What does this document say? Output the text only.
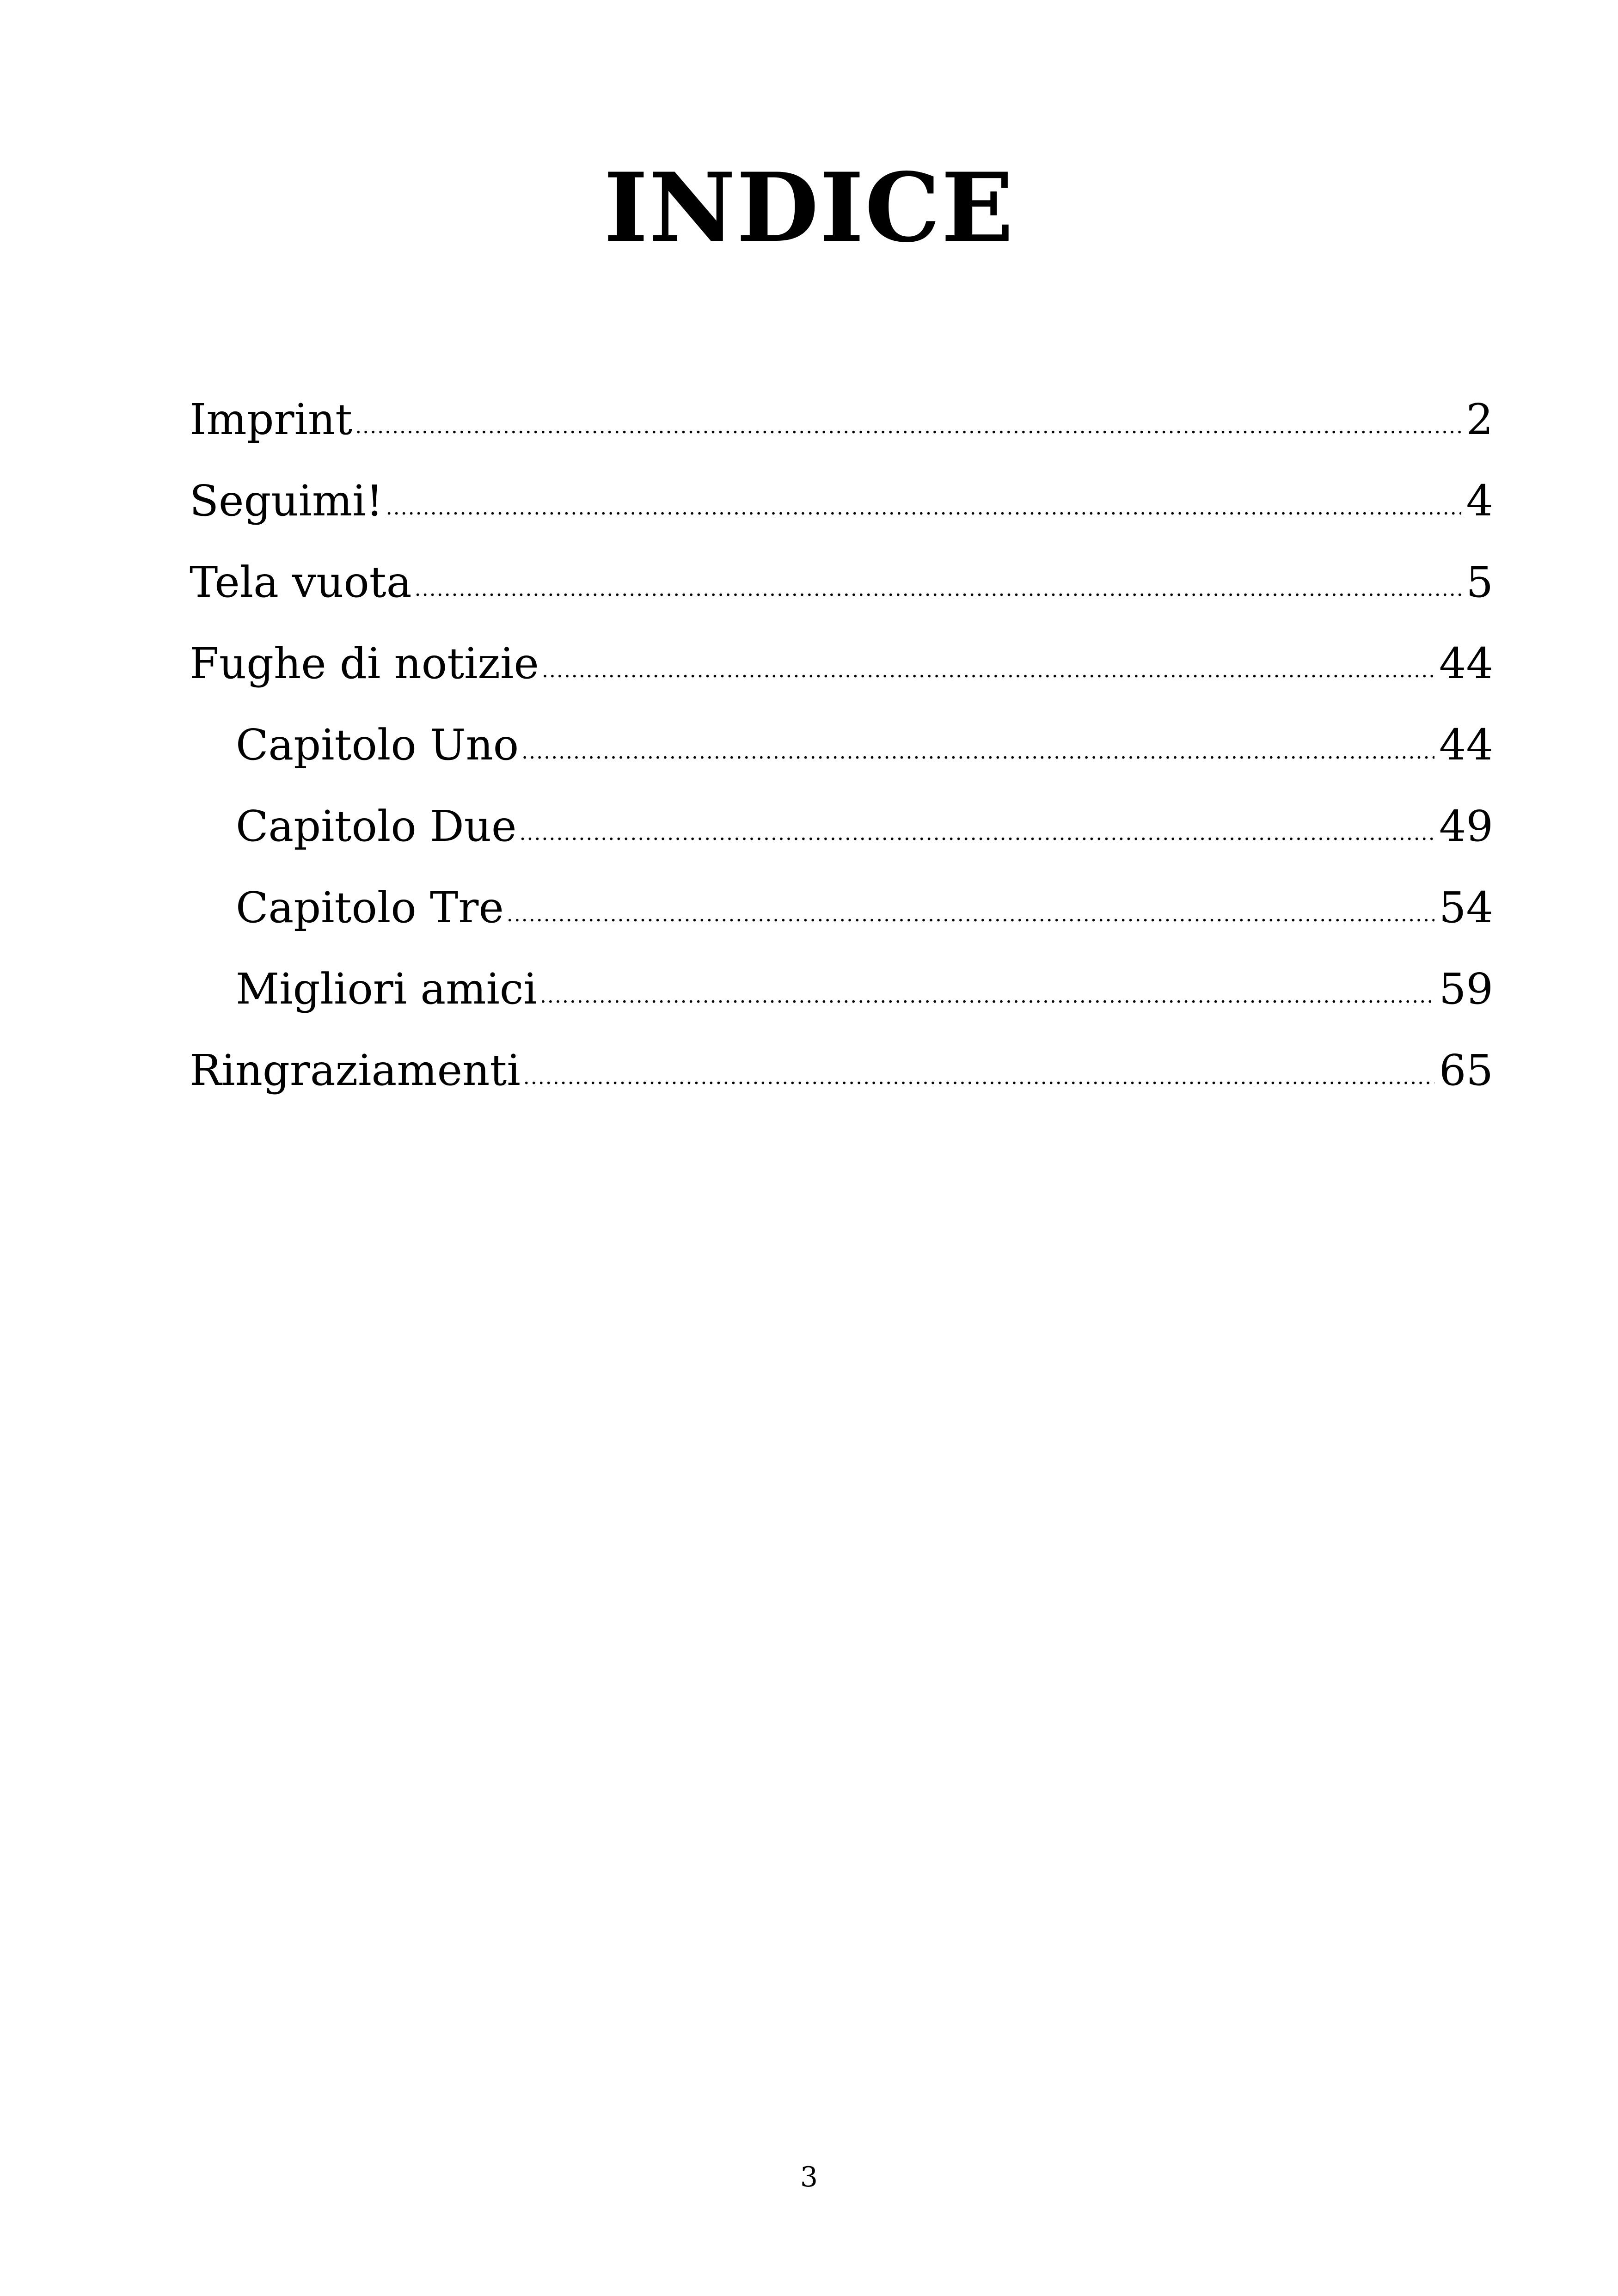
INDICE
Imprint .....	2
Seguimi! .....	4
Tela vuota .....	5
Fughe di notizie .....	44
Capitolo Uno .....	44
Capitolo Due .....	49
Capitolo Tre .....	54
Migliori amici .....	59
Ringraziamenti .....	65
3
